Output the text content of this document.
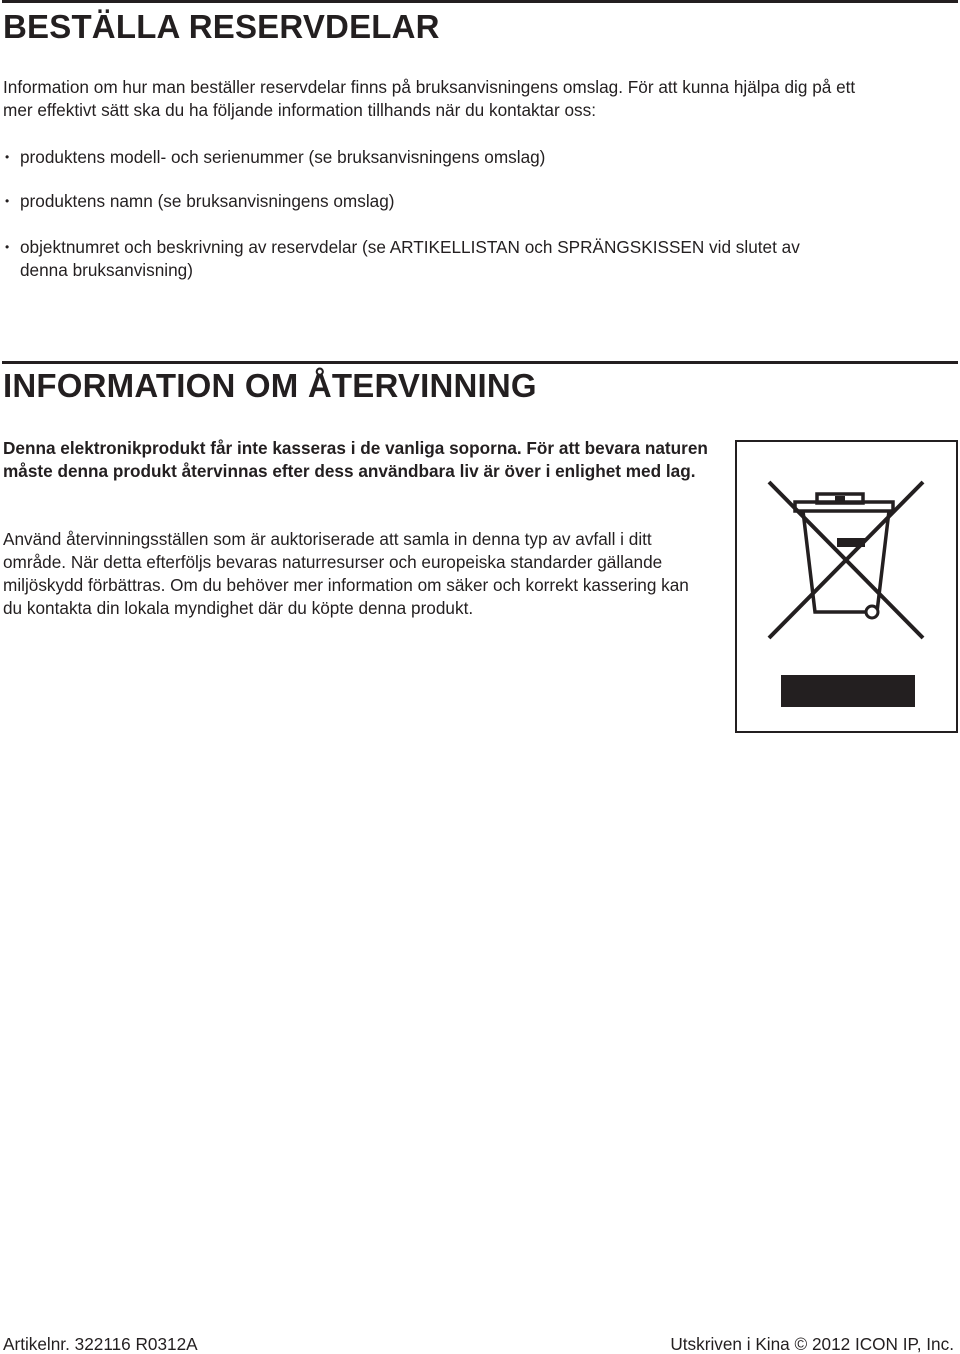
BESTÄLLA RESERVDELAR

Information om hur man beställer reservdelar finns på bruksanvisningens omslag. För att kunna hjälpa dig på ett

mer effektivt sätt ska du ha följande information tillhands när du kontaktar oss:

• produktens modell- och serienummer (se bruksanvisningens omslag)

• produktens namn (se bruksanvisningens omslag)

• objektnumret och beskrivning av reservdelar (se ARTIKELLISTAN och SPRÄNGSKISSEN vid slutet av denna bruksanvisning)

INFORMATION OM ÅTERVINNING

Denna elektronikprodukt får inte kasseras i de vanliga soporna. För att bevara naturen måste denna produkt återvinnas efter dess användbara liv är över i enlighet med lag.

Använd återvinningsställen som är auktoriserade att samla in denna typ av avfall i ditt område. När detta efterföljs bevaras naturresurser och europeiska standarder gällande miljöskydd förbättras. Om du behöver mer information om säker och korrekt kassering kan du kontakta din lokala myndighet där du köpte denna produkt.

Artikelnr. 322116 R0312A	Utskriven i Kina © 2012 ICON IP, Inc.
